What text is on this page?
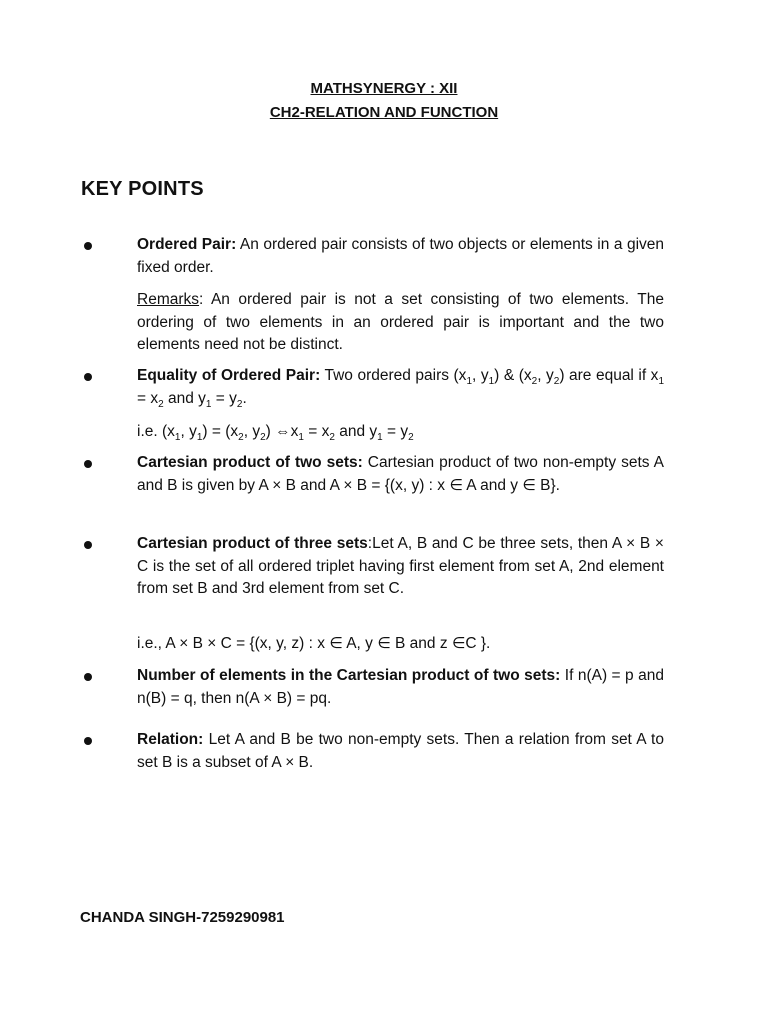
MATHSYNERGY : XII
CH2-RELATION AND FUNCTION
KEY POINTS
Ordered Pair: An ordered pair consists of two objects or elements in a given fixed order.
Remarks: An ordered pair is not a set consisting of two elements. The ordering of two elements in an ordered pair is important and the two elements need not be distinct.
Equality of Ordered Pair: Two ordered pairs ($x_1$, $y_1$) & ($x_2$, $y_2$) are equal if $x_1 = x_2$ and $y_1 = y_2$.
i.e. ($x_1$, $y_1) = (x_2$, $y_2$) $\Leftrightarrow x_1 = x_2$ and $y_1 = y_2$
Cartesian product of two sets: Cartesian product of two non-empty sets A and B is given by A × B and A × B = {(x, y) : x ∈ A and y ∈ B}.
Cartesian product of three sets:Let A, B and C be three sets, then A × B × C is the set of all ordered triplet having first element from set A, 2nd element from set B and 3rd element from set C.
i.e., A × B × C = {(x, y, z) : x ∈ A, y ∈ B and z ∈C }.
Number of elements in the Cartesian product of two sets: If n(A) = p and n(B) = q, then n(A × B) = pq.
Relation: Let A and B be two non-empty sets. Then a relation from set A to set B is a subset of A × B.
CHANDA SINGH-7259290981
